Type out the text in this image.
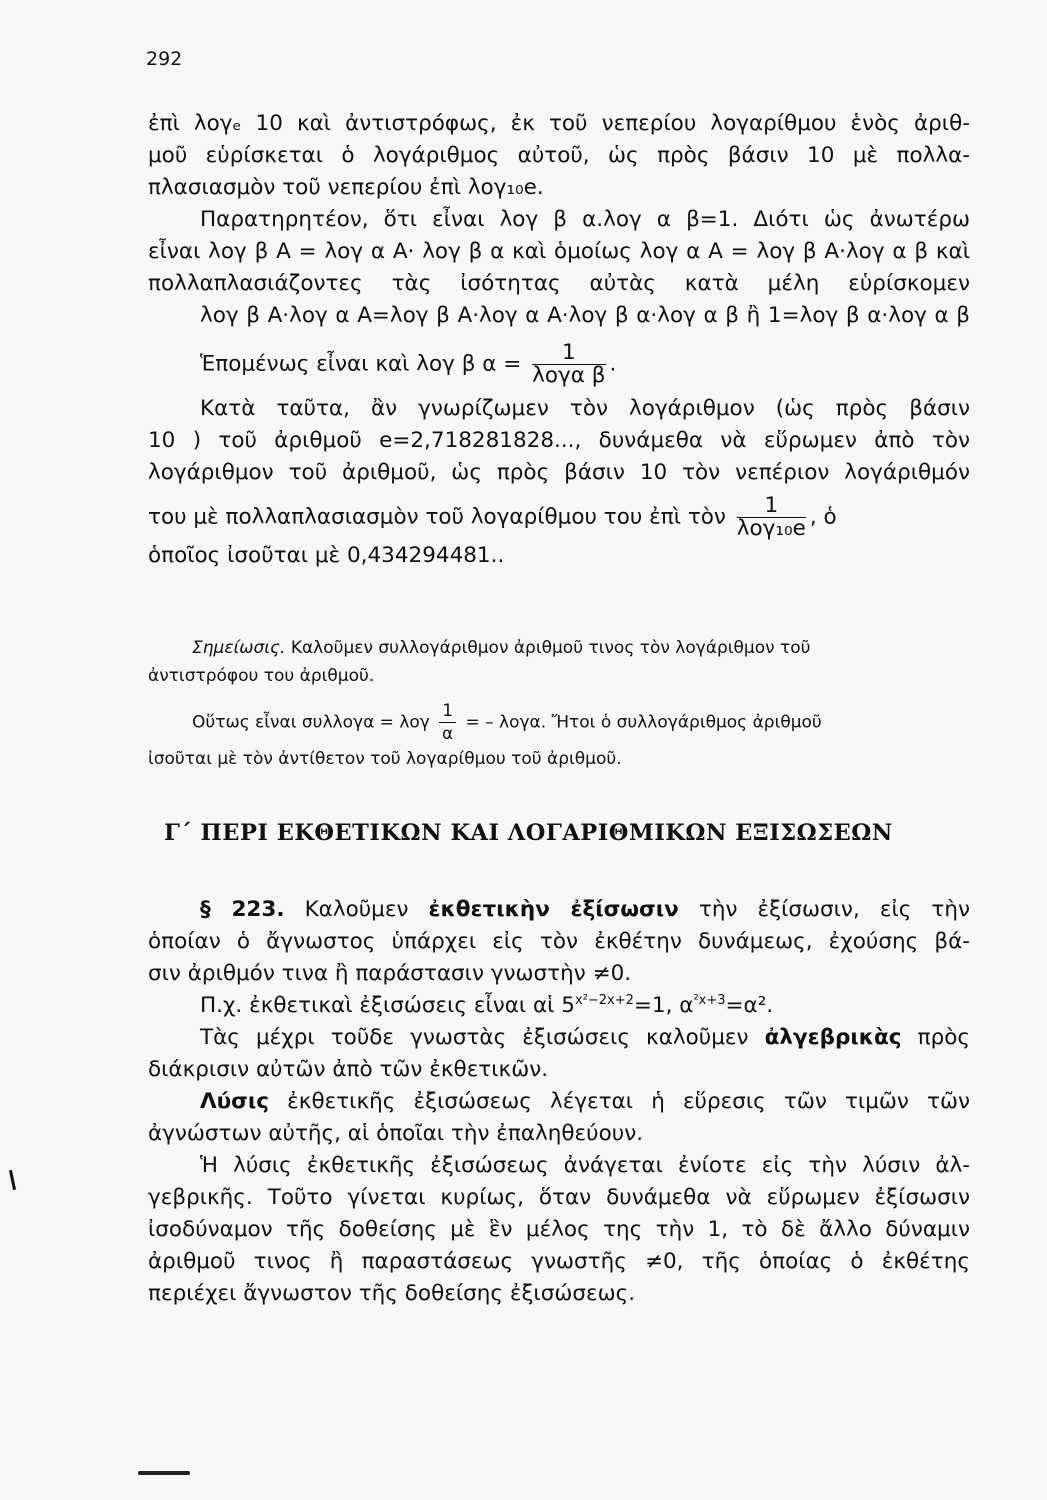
292
ἐπὶ λογₑ 10 καὶ ἀντιστρόφως, ἐκ τοῦ νεπερίου λογαρίθμου ἑνὸς ἀριθ-
μοῦ εὑρίσκεται ὁ λογάριθμος αὐτοῦ, ὡς πρὸς βάσιν 10 μὲ πολλα-
πλασιασμὸν τοῦ νεπερίου ἐπὶ λογ₁₀e.
Παρατηρητέον, ὅτι εἶναι λογ β α.λογ α β=1. Διότι ὡς ἀνωτέρω
εἶναι λογ β A = λογ α A· λογ β α καὶ ὁμοίως λογ α A = λογ β A·λογ α β καὶ
πολλαπλασιάζοντες τὰς ἰσότητας αὐτὰς κατὰ μέλη εὑρίσκομεν
λογ β A·λογ α A=λογ β A·λογ α A·λογ β α·λογ α β ἢ 1=λογ β α·λογ α β
Ἑπομένως εἶναι καὶ λογ β $\alpha = \frac{1}{\text{λογα β}}$ .
Κατὰ ταῦτα, ἂν γνωρίζωμεν τὸν λογάριθμον (ὡς πρὸς βάσιν
10 ) τοῦ ἀριθμοῦ e=2,718281828..., δυνάμεθα νὰ εὕρωμεν ἀπὸ τὸν
λογάριθμον τοῦ ἀριθμοῦ, ὡς πρὸς βάσιν 10 τὸν νεπέριον λογάριθμόν
του μὲ πολλαπλασιασμὸν τοῦ λογαρίθμου του ἐπὶ τὸν $\frac{1}{\text{λογ₁₀e}}$ , ὁ
ὁποῖος ἰσοῦται μὲ 0,434294481..
Σημείωσις. Καλοῦμεν συλλογάριθμον ἀριθμοῦ τινος τὸν λογάριθμον τοῦ
ἀντιστρόφου του ἀριθμοῦ.
Οὕτως εἶναι συλλογα = λογ $\frac{1}{\alpha}$ = – λογα. Ἤτοι ὁ συλλογάριθμος ἀριθμοῦ
ἰσοῦται μὲ τὸν ἀντίθετον τοῦ λογαρίθμου τοῦ ἀριθμοῦ.
Γ΄ ΠΕΡΙ ΕΚΘΕΤΙΚΩΝ ΚΑΙ ΛΟΓΑΡΙΘΜΙΚΩΝ ΕΞΙΣΩΣΕΩΝ
§ 223. Καλοῦμεν ἐκθετικὴν ἐξίσωσιν τὴν ἐξίσωσιν, εἰς τὴν
ὁποίαν ὁ ἄγνωστος ὑπάρχει εἰς τὸν ἐκθέτην δυνάμεως, ἐχούσης βά-
σιν ἀριθμόν τινα ἢ παράστασιν γνωστὴν ≠0.
Π.χ. ἐκθετικαὶ ἐξισώσεις εἶναι αἱ $5^{x^2-2x+2}=1$, $\alpha^{^2x+3}=\alpha^2$.
Τὰς μέχρι τοῦδε γνωστὰς ἐξισώσεις καλοῦμεν ἀλγεβρικὰς πρὸς
διάκρισιν αὐτῶν ἀπὸ τῶν ἐκθετικῶν.
Λύσις ἐκθετικῆς ἐξισώσεως λέγεται ἡ εὕρεσις τῶν τιμῶν τῶν
ἀγνώστων αὐτῆς, αἱ ὁποῖαι τὴν ἐπαληθεύουν.
Ἡ λύσις ἐκθετικῆς ἐξισώσεως ἀνάγεται ἐνίοτε εἰς τὴν λύσιν ἀλ-
γεβρικῆς. Τοῦτο γίνεται κυρίως, ὅταν δυνάμεθα νὰ εὕρωμεν ἐξίσωσιν
ἰσοδύναμον τῆς δοθείσης μὲ ἓν μέλος της τὴν 1, τὸ δὲ ἄλλο δύναμιν
ἀριθμοῦ τινος ἢ παραστάσεως γνωστῆς ≠0, τῆς ὁποίας ὁ ἐκθέτης
περιέχει ἄγνωστον τῆς δοθείσης ἐξισώσεως.
